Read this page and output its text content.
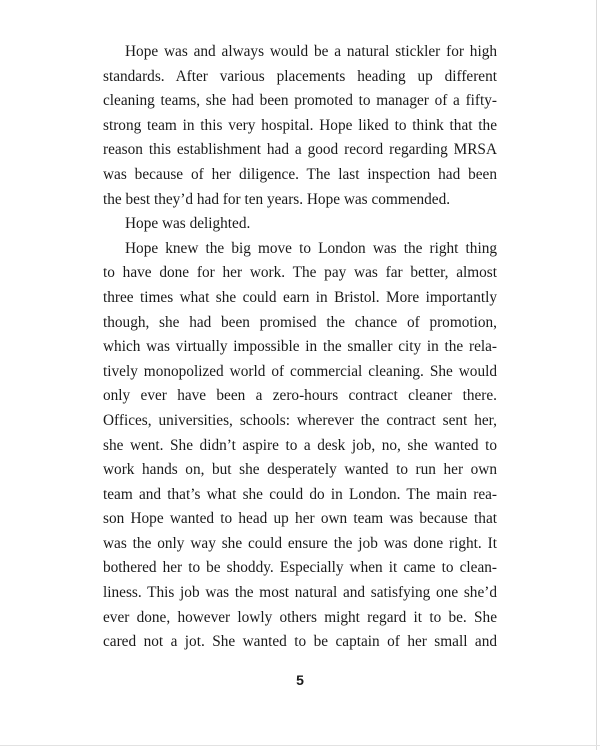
Hope was and always would be a natural stickler for high
standards. After various placements heading up different
cleaning teams, she had been promoted to manager of a fifty-
strong team in this very hospital. Hope liked to think that the
reason this establishment had a good record regarding MRSA
was because of her diligence. The last inspection had been
the best they’d had for ten years. Hope was commended.
Hope was delighted.
Hope knew the big move to London was the right thing
to have done for her work. The pay was far better, almost
three times what she could earn in Bristol. More importantly
though, she had been promised the chance of promotion,
which was virtually impossible in the smaller city in the rela-
tively monopolized world of commercial cleaning. She would
only ever have been a zero-hours contract cleaner there.
Offices, universities, schools: wherever the contract sent her,
she went. She didn’t aspire to a desk job, no, she wanted to
work hands on, but she desperately wanted to run her own
team and that’s what she could do in London. The main rea-
son Hope wanted to head up her own team was because that
was the only way she could ensure the job was done right. It
bothered her to be shoddy. Especially when it came to clean-
liness. This job was the most natural and satisfying one she’d
ever done, however lowly others might regard it to be. She
cared not a jot. She wanted to be captain of her small and
5
